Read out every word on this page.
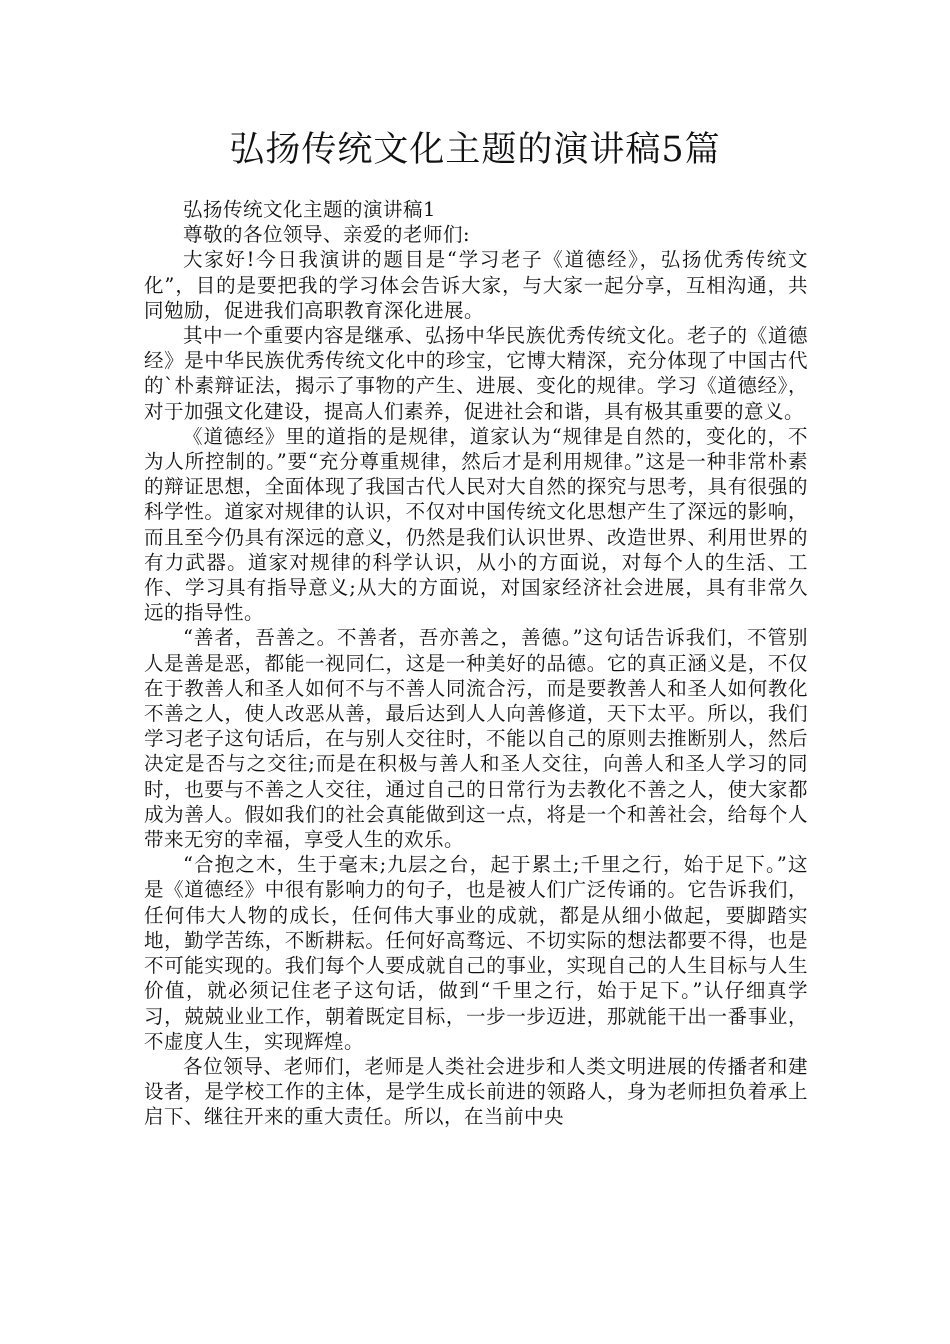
弘扬传统文化主题的演讲稿5篇

弘扬传统文化主题的演讲稿1

尊敬的各位领导、亲爱的老师们:

大家好!今日我演讲的题目是“学习老子《道德经》，弘扬优秀传统文化”，目的是要把我的学习体会告诉大家，与大家一起分享，互相沟通，共同勉励，促进我们高职教育深化进展。

其中一个重要内容是继承、弘扬中华民族优秀传统文化。老子的《道德经》是中华民族优秀传统文化中的珍宝，它博大精深，充分体现了中国古代的`朴素辩证法，揭示了事物的产生、进展、变化的规律。学习《道德经》，对于加强文化建设，提高人们素养，促进社会和谐，具有极其重要的意义。

《道德经》里的道指的是规律，道家认为“规律是自然的，变化的，不为人所控制的。”要“充分尊重规律，然后才是利用规律。”这是一种非常朴素的辩证思想，全面体现了我国古代人民对大自然的探究与思考，具有很强的科学性。道家对规律的认识，不仅对中国传统文化思想产生了深远的影响，而且至今仍具有深远的意义，仍然是我们认识世界、改造世界、利用世界的有力武器。道家对规律的科学认识，从小的方面说，对每个人的生活、工作、学习具有指导意义;从大的方面说，对国家经济社会进展，具有非常久远的指导性。

“善者，吾善之。不善者，吾亦善之，善德。”这句话告诉我们，不管别人是善是恶，都能一视同仁，这是一种美好的品德。它的真正涵义是，不仅在于教善人和圣人如何不与不善人同流合污，而是要教善人和圣人如何教化不善之人，使人改恶从善，最后达到人人向善修道，天下太平。所以，我们学习老子这句话后，在与别人交往时，不能以自己的原则去推断别人，然后决定是否与之交往;而是在积极与善人和圣人交往，向善人和圣人学习的同时，也要与不善之人交往，通过自己的日常行为去教化不善之人，使大家都成为善人。假如我们的社会真能做到这一点，将是一个和善社会，给每个人带来无穷的幸福，享受人生的欢乐。

“合抱之木，生于毫末;九层之台，起于累土;千里之行，始于足下。”这是《道德经》中很有影响力的句子，也是被人们广泛传诵的。它告诉我们，任何伟大人物的成长，任何伟大事业的成就，都是从细小做起，要脚踏实地，勤学苦练，不断耕耘。任何好高骛远、不切实际的想法都要不得，也是不可能实现的。我们每个人要成就自己的事业，实现自己的人生目标与人生价值，就必须记住老子这句话，做到“千里之行，始于足下。”认仔细真学习，兢兢业业工作，朝着既定目标，一步一步迈进，那就能干出一番事业，不虚度人生，实现辉煌。

各位领导、老师们，老师是人类社会进步和人类文明进展的传播者和建设者，是学校工作的主体，是学生成长前进的领路人，身为老师担负着承上启下、继往开来的重大责任。所以，在当前中央
